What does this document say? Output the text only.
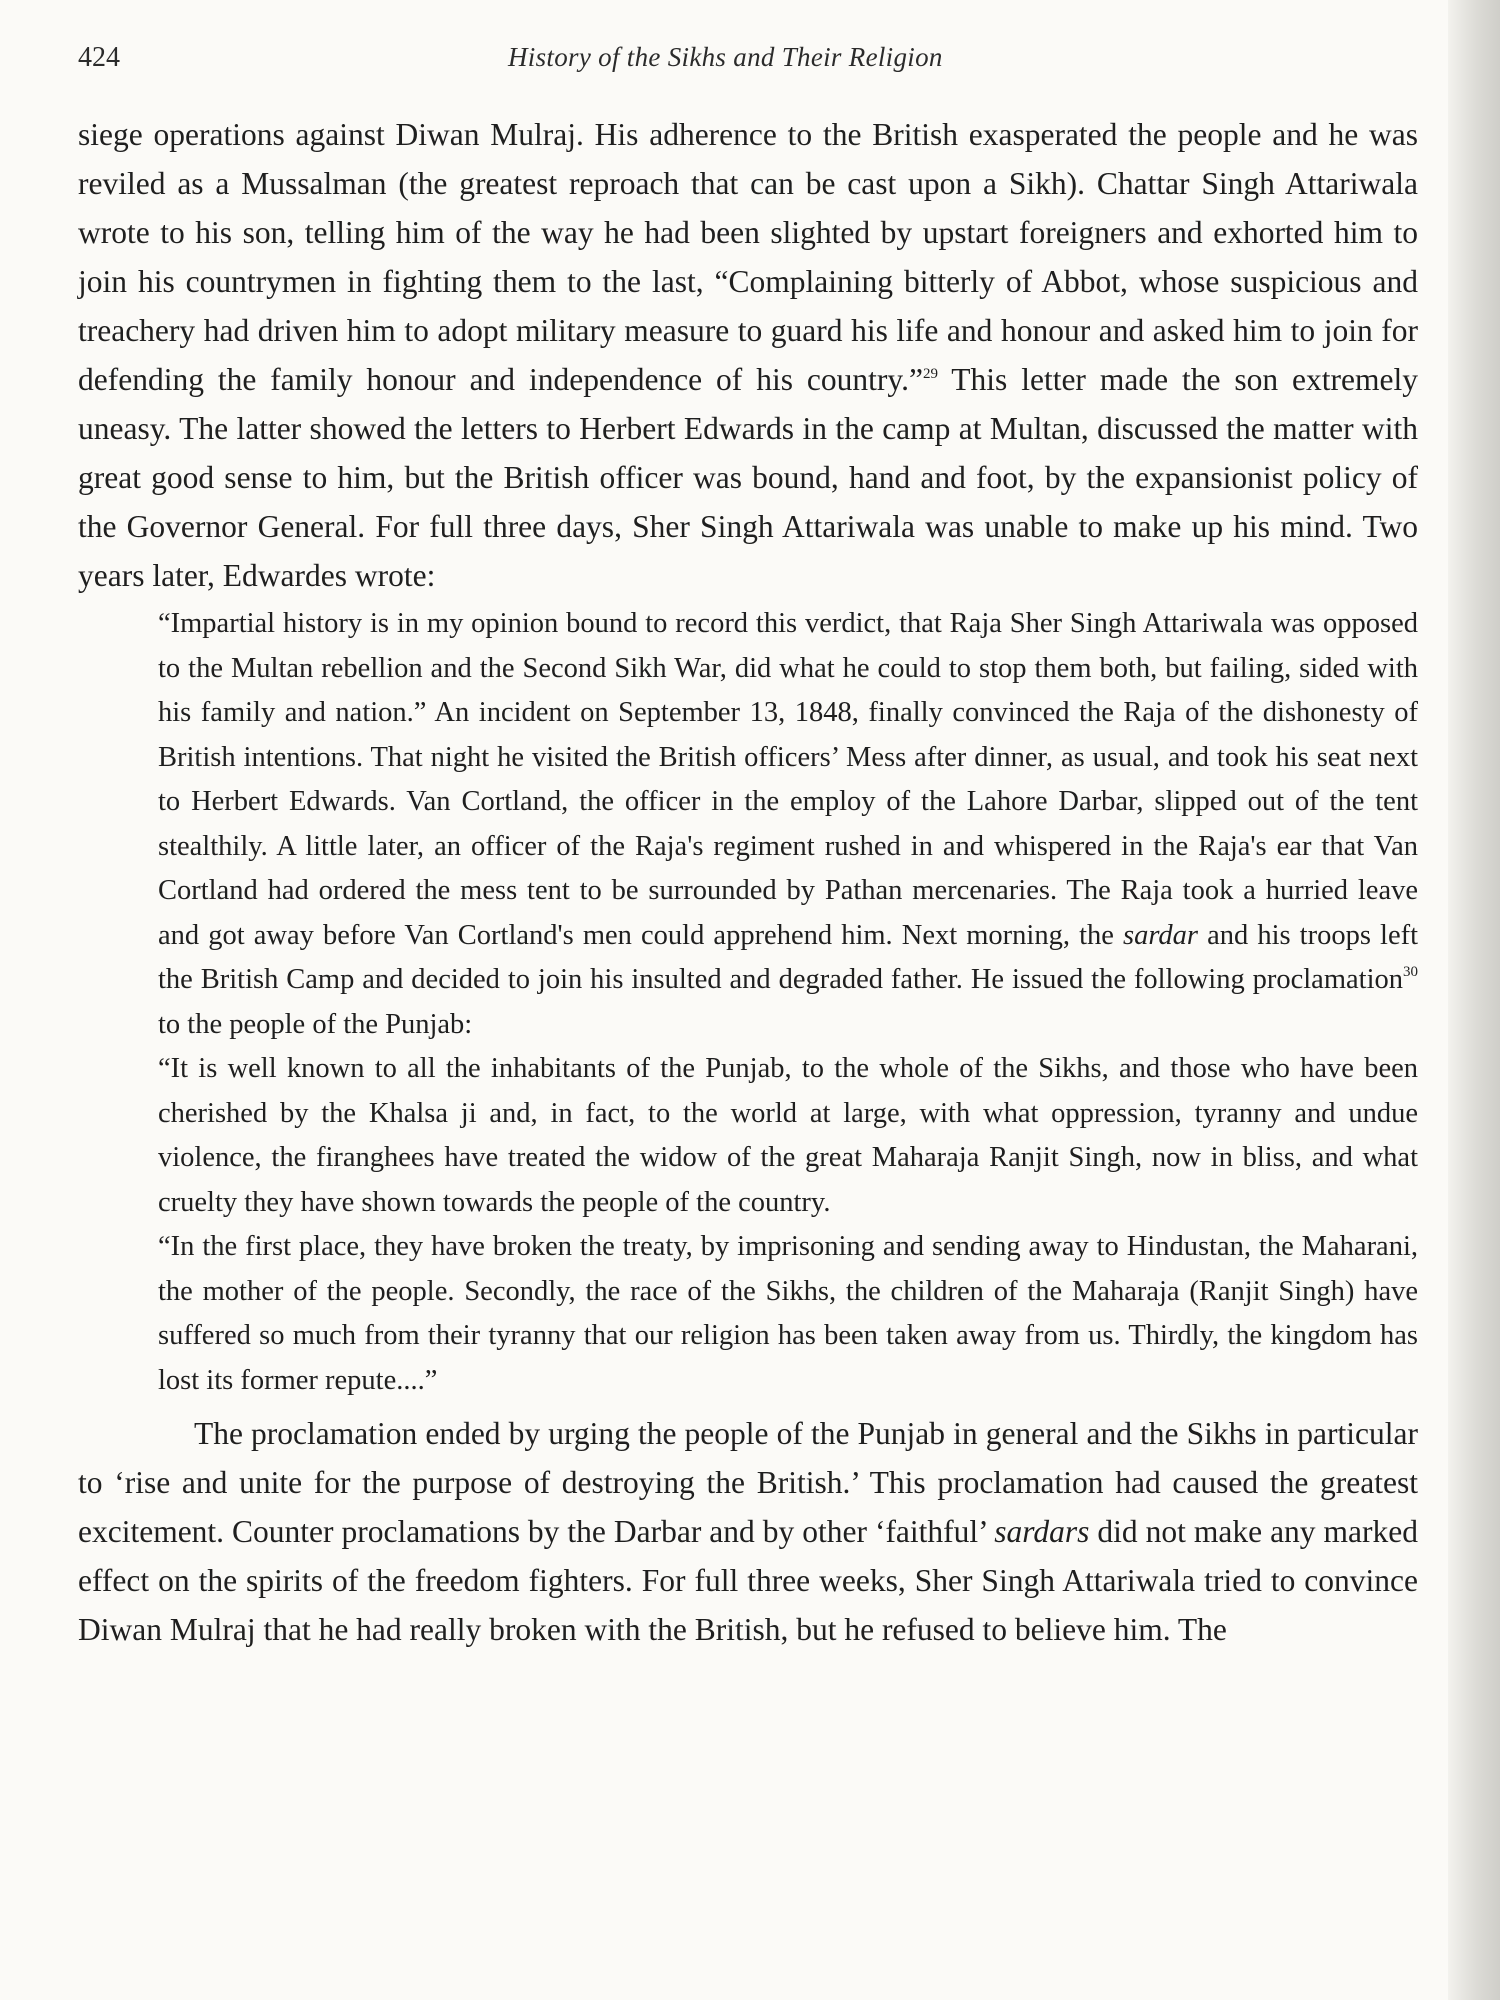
424	History of the Sikhs and Their Religion

siege operations against Diwan Mulraj. His adherence to the British exasperated the people and he was reviled as a Mussalman (the greatest reproach that can be cast upon a Sikh). Chattar Singh Attariwala wrote to his son, telling him of the way he had been slighted by upstart foreigners and exhorted him to join his countrymen in fighting them to the last, “Complaining bitterly of Abbot, whose suspicious and treachery had driven him to adopt military measure to guard his life and honour and asked him to join for defending the family honour and independence of his country.”$^{29}$ This letter made the son extremely uneasy. The latter showed the letters to Herbert Edwards in the camp at Multan, discussed the matter with great good sense to him, but the British officer was bound, hand and foot, by the expansionist policy of the Governor General. For full three days, Sher Singh Attariwala was unable to make up his mind. Two years later, Edwardes wrote:

“Impartial history is in my opinion bound to record this verdict, that Raja Sher Singh Attariwala was opposed to the Multan rebellion and the Second Sikh War, did what he could to stop them both, but failing, sided with his family and nation.” An incident on September 13, 1848, finally convinced the Raja of the dishonesty of British intentions. That night he visited the British officers’ Mess after dinner, as usual, and took his seat next to Herbert Edwards. Van Cortland, the officer in the employ of the Lahore Darbar, slipped out of the tent stealthily. A little later, an officer of the Raja's regiment rushed in and whispered in the Raja's ear that Van Cortland had ordered the mess tent to be surrounded by Pathan mercenaries. The Raja took a hurried leave and got away before Van Cortland's men could apprehend him. Next morning, the sardar and his troops left the British Camp and decided to join his insulted and degraded father. He issued the following proclamation$^{30}$ to the people of the Punjab:

“It is well known to all the inhabitants of the Punjab, to the whole of the Sikhs, and those who have been cherished by the Khalsa ji and, in fact, to the world at large, with what oppression, tyranny and undue violence, the firanghees have treated the widow of the great Maharaja Ranjit Singh, now in bliss, and what cruelty they have shown towards the people of the country.

“In the first place, they have broken the treaty, by imprisoning and sending away to Hindustan, the Maharani, the mother of the people. Secondly, the race of the Sikhs, the children of the Maharaja (Ranjit Singh) have suffered so much from their tyranny that our religion has been taken away from us. Thirdly, the kingdom has lost its former repute....”

The proclamation ended by urging the people of the Punjab in general and the Sikhs in particular to ‘rise and unite for the purpose of destroying the British.’ This proclamation had caused the greatest excitement. Counter proclamations by the Darbar and by other ‘faithful’ sardars did not make any marked effect on the spirits of the freedom fighters. For full three weeks, Sher Singh Attariwala tried to convince Diwan Mulraj that he had really broken with the British, but he refused to believe him. The
